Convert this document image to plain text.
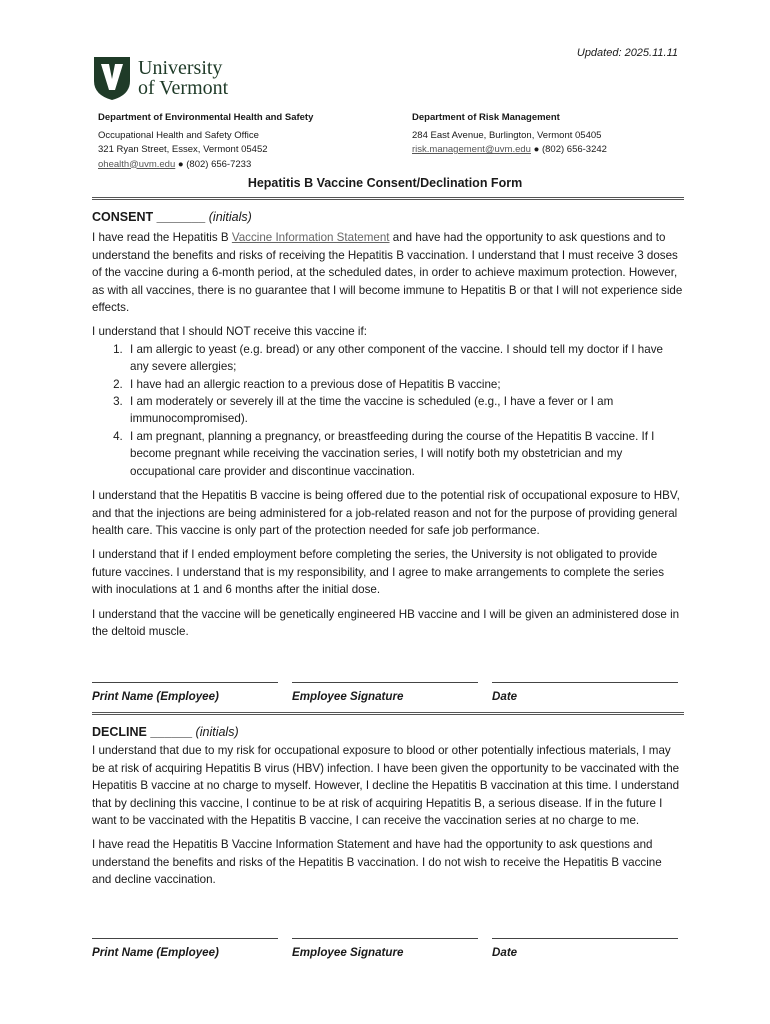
Updated: 2025.11.11
University
of Vermont
Department of Environmental Health and Safety
Occupational Health and Safety Office
321 Ryan Street, Essex, Vermont 05452
ohealth@uvm.edu ● (802) 656-7233
Department of Risk Management
284 East Avenue, Burlington, Vermont 05405
risk.management@uvm.edu ● (802) 656-3242
Hepatitis B Vaccine Consent/Declination Form
CONSENT _______ (initials)

I have read the Hepatitis B Vaccine Information Statement and have had the opportunity to ask questions and to understand the benefits and risks of receiving the Hepatitis B vaccination. I understand that I must receive 3 doses of the vaccine during a 6-month period, at the scheduled dates, in order to achieve maximum protection. However, as with all vaccines, there is no guarantee that I will become immune to Hepatitis B or that I will not experience side effects.

I understand that I should NOT receive this vaccine if:

1. I am allergic to yeast (e.g. bread) or any other component of the vaccine. I should tell my doctor if I have any severe allergies;
2. I have had an allergic reaction to a previous dose of Hepatitis B vaccine;
3. I am moderately or severely ill at the time the vaccine is scheduled (e.g., I have a fever or I am immunocompromised).
4. I am pregnant, planning a pregnancy, or breastfeeding during the course of the Hepatitis B vaccine. If I become pregnant while receiving the vaccination series, I will notify both my obstetrician and my occupational care provider and discontinue vaccination.

I understand that the Hepatitis B vaccine is being offered due to the potential risk of occupational exposure to HBV, and that the injections are being administered for a job-related reason and not for the purpose of providing general health care. This vaccine is only part of the protection needed for safe job performance.

I understand that if I ended employment before completing the series, the University is not obligated to provide future vaccines. I understand that is my responsibility, and I agree to make arrangements to complete the series with inoculations at 1 and 6 months after the initial dose.

I understand that the vaccine will be genetically engineered HB vaccine and I will be given an administered dose in the deltoid muscle.

Print Name (Employee)	Employee Signature	Date
DECLINE ______ (initials)

I understand that due to my risk for occupational exposure to blood or other potentially infectious materials, I may be at risk of acquiring Hepatitis B virus (HBV) infection. I have been given the opportunity to be vaccinated with the Hepatitis B vaccine at no charge to myself. However, I decline the Hepatitis B vaccination at this time. I understand that by declining this vaccine, I continue to be at risk of acquiring Hepatitis B, a serious disease. If in the future I want to be vaccinated with the Hepatitis B vaccine, I can receive the vaccination series at no charge to me.

I have read the Hepatitis B Vaccine Information Statement and have had the opportunity to ask questions and understand the benefits and risks of the Hepatitis B vaccination. I do not wish to receive the Hepatitis B vaccine and decline vaccination.

Print Name (Employee)	Employee Signature	Date
